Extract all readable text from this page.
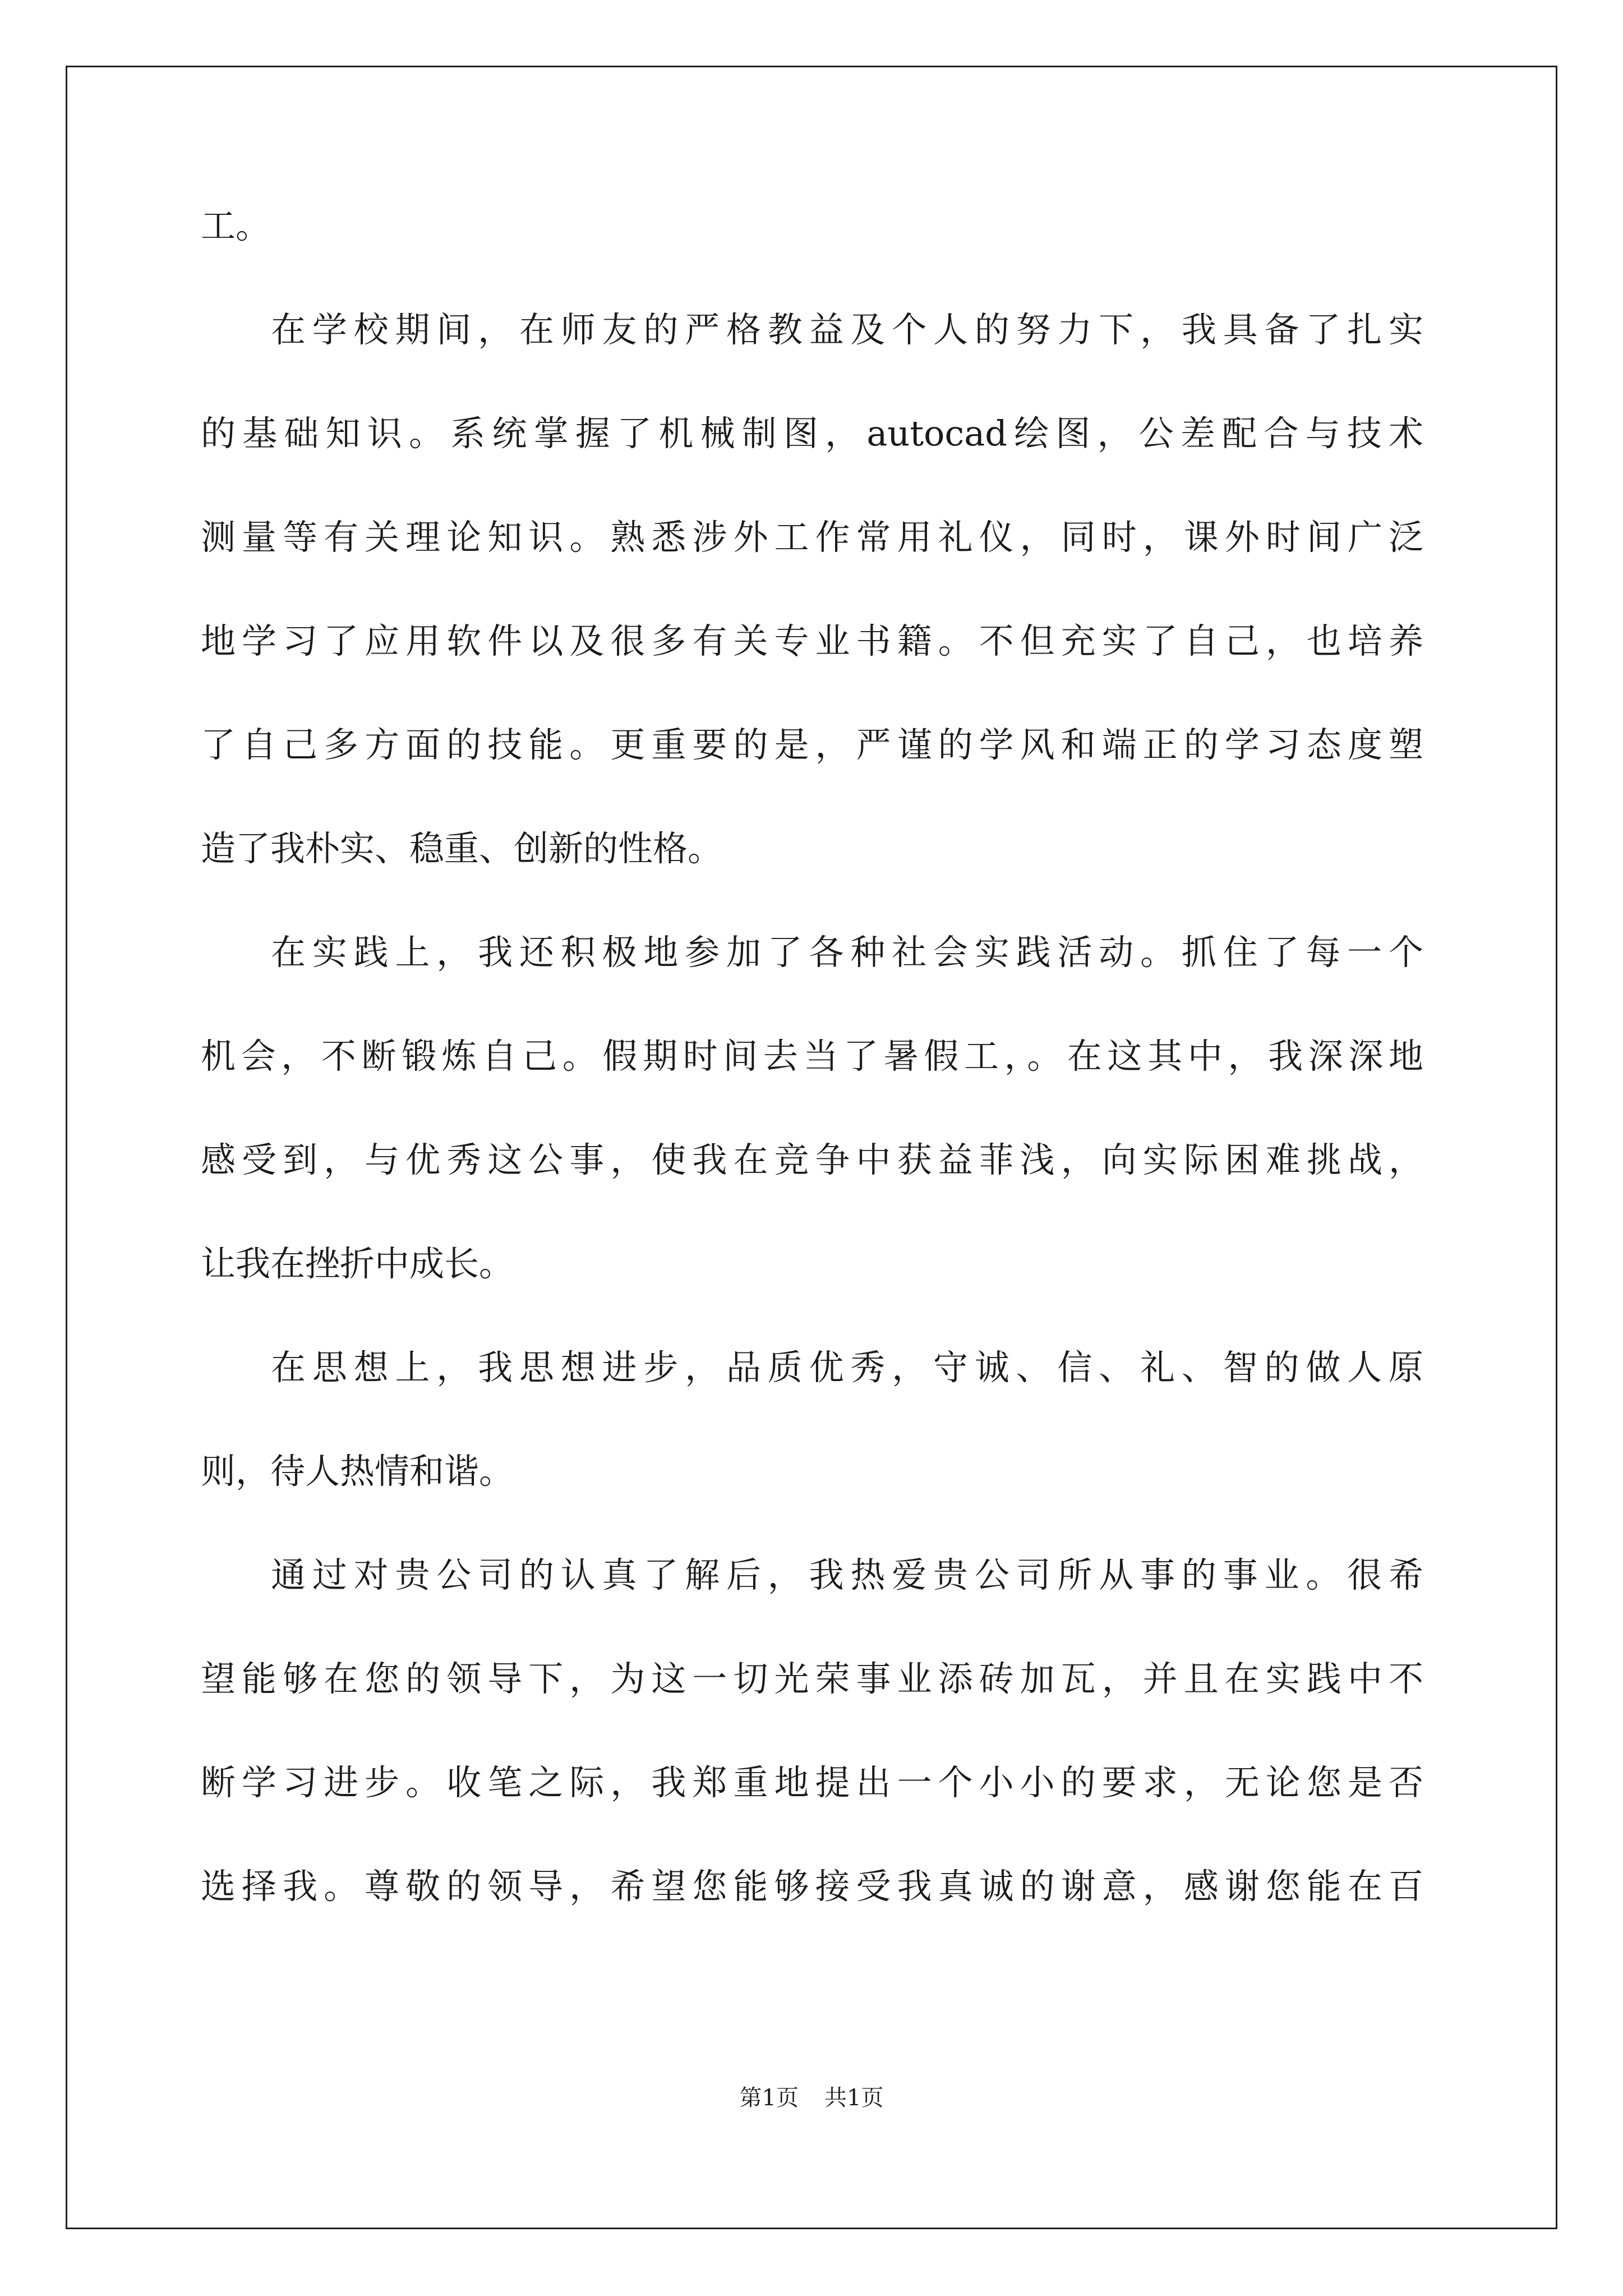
工。
在学校期间，在师友的严格教益及个人的努力下，我具备了扎实
的基础知识。系统掌握了机械制图，autocad绘图，公差配合与技术
测量等有关理论知识。熟悉涉外工作常用礼仪，同时，课外时间广泛
地学习了应用软件以及很多有关专业书籍。不但充实了自己，也培养
了自己多方面的技能。更重要的是，严谨的学风和端正的学习态度塑
造了我朴实、稳重、创新的性格。
在实践上，我还积极地参加了各种社会实践活动。抓住了每一个
机会，不断锻炼自己。假期时间去当了暑假工，。在这其中，我深深地
感受到，与优秀这公事，使我在竞争中获益菲浅，向实际困难挑战，
让我在挫折中成长。
在思想上，我思想进步，品质优秀，守诚、信、礼、智的做人原
则，待人热情和谐。
通过对贵公司的认真了解后，我热爱贵公司所从事的事业。很希
望能够在您的领导下，为这一切光荣事业添砖加瓦，并且在实践中不
断学习进步。收笔之际，我郑重地提出一个小小的要求，无论您是否
选择我。尊敬的领导，希望您能够接受我真诚的谢意，感谢您能在百
第1页 共1页
